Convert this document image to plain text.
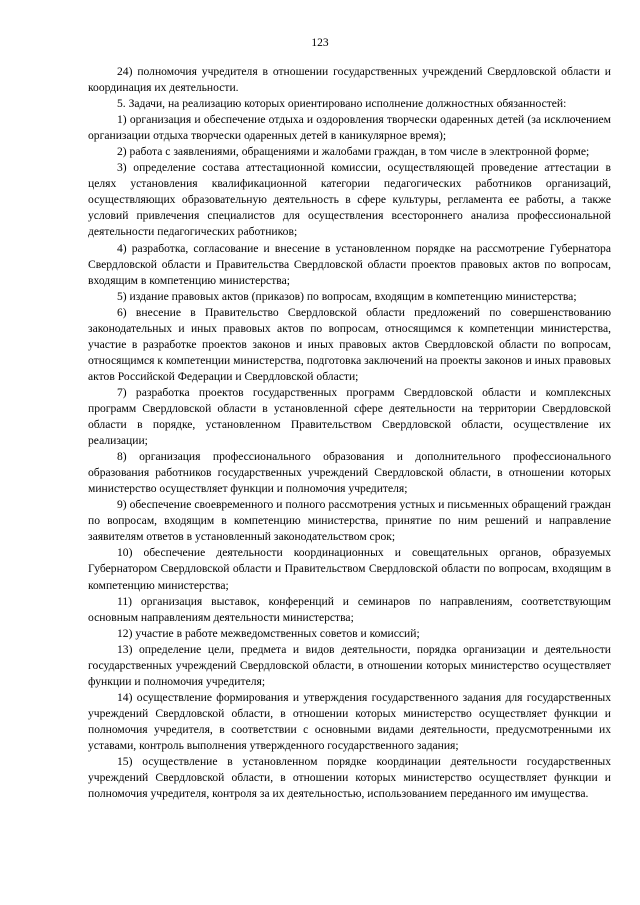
123

24) полномочия учредителя в отношении государственных учреждений Свердловской области и координация их деятельности.

5. Задачи, на реализацию которых ориентировано исполнение должностных обязанностей:

1) организация и обеспечение отдыха и оздоровления творчески одаренных детей (за исключением организации отдыха творчески одаренных детей в каникулярное время);

2) работа с заявлениями, обращениями и жалобами граждан, в том числе в электронной форме;

3) определение состава аттестационной комиссии, осуществляющей проведение аттестации в целях установления квалификационной категории педагогических работников организаций, осуществляющих образовательную деятельность в сфере культуры, регламента ее работы, а также условий привлечения специалистов для осуществления всестороннего анализа профессиональной деятельности педагогических работников;

4) разработка, согласование и внесение в установленном порядке на рассмотрение Губернатора Свердловской области и Правительства Свердловской области проектов правовых актов по вопросам, входящим в компетенцию министерства;

5) издание правовых актов (приказов) по вопросам, входящим в компетенцию министерства;

6) внесение в Правительство Свердловской области предложений по совершенствованию законодательных и иных правовых актов по вопросам, относящимся к компетенции министерства, участие в разработке проектов законов и иных правовых актов Свердловской области по вопросам, относящимся к компетенции министерства, подготовка заключений на проекты законов и иных правовых актов Российской Федерации и Свердловской области;

7) разработка проектов государственных программ Свердловской области и комплексных программ Свердловской области в установленной сфере деятельности на территории Свердловской области в порядке, установленном Правительством Свердловской области, осуществление их реализации;

8) организация профессионального образования и дополнительного профессионального образования работников государственных учреждений Свердловской области, в отношении которых министерство осуществляет функции и полномочия учредителя;

9) обеспечение своевременного и полного рассмотрения устных и письменных обращений граждан по вопросам, входящим в компетенцию министерства, принятие по ним решений и направление заявителям ответов в установленный законодательством срок;

10) обеспечение деятельности координационных и совещательных органов, образуемых Губернатором Свердловской области и Правительством Свердловской области по вопросам, входящим в компетенцию министерства;

11) организация выставок, конференций и семинаров по направлениям, соответствующим основным направлениям деятельности министерства;

12) участие в работе межведомственных советов и комиссий;

13) определение цели, предмета и видов деятельности, порядка организации и деятельности государственных учреждений Свердловской области, в отношении которых министерство осуществляет функции и полномочия учредителя;

14) осуществление формирования и утверждения государственного задания для государственных учреждений Свердловской области, в отношении которых министерство осуществляет функции и полномочия учредителя, в соответствии с основными видами деятельности, предусмотренными их уставами, контроль выполнения утвержденного государственного задания;

15) осуществление в установленном порядке координации деятельности государственных учреждений Свердловской области, в отношении которых министерство осуществляет функции и полномочия учредителя, контроля за их деятельностью, использованием переданного им имущества.
